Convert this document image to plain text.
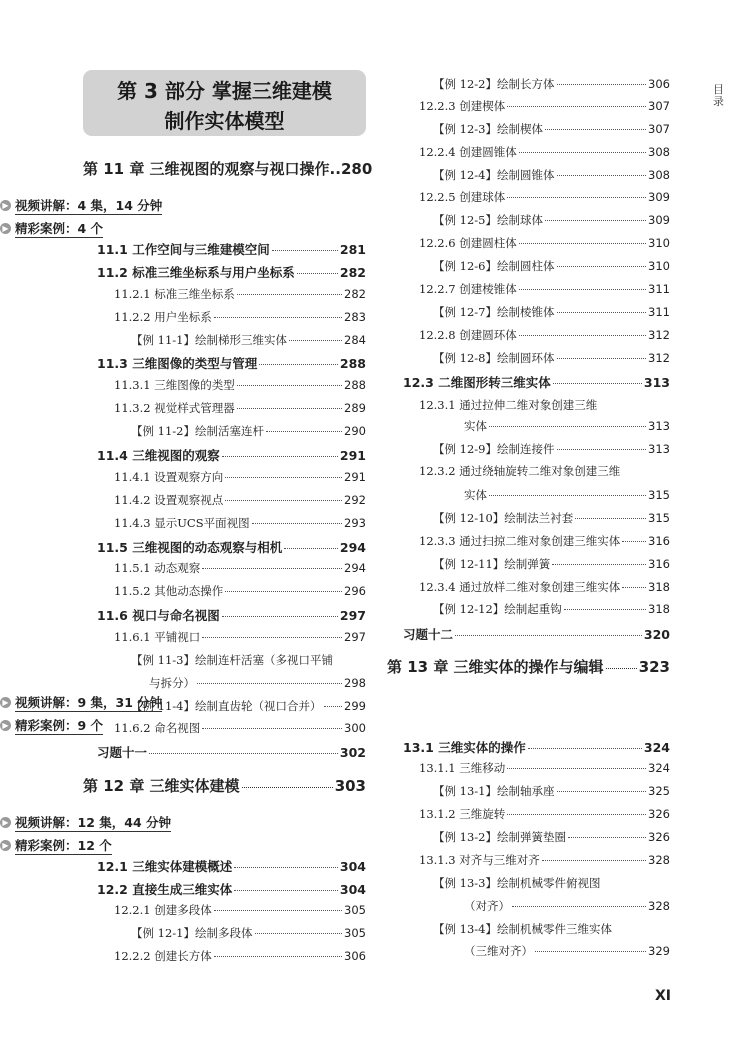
第 3 部分 掌握三维建模
制作实体模型
目录
第 11 章 三维视图的观察与视口操作 .. 280
▶ 视频讲解：4 集，14 分钟
▶ 精彩案例：4 个
11.1 工作空间与三维建模空间	281
11.2 标准三维坐标系与用户坐标系	282
11.2.1 标准三维坐标系	282
11.2.2 用户坐标系	283
【例 11-1】绘制梯形三维实体	284
11.3 三维图像的类型与管理	288
11.3.1 三维图像的类型	288
11.3.2 视觉样式管理器	289
【例 11-2】绘制活塞连杆	290
11.4 三维视图的观察	291
11.4.1 设置观察方向	291
11.4.2 设置观察视点	292
11.4.3 显示UCS平面视图	293
11.5 三维视图的动态观察与相机	294
11.5.1 动态观察	294
11.5.2 其他动态操作	296
11.6 视口与命名视图	297
11.6.1 平铺视口	297
【例 11-3】绘制连杆活塞（多视口平铺
与拆分）	298
【例 11-4】绘制直齿轮（视口合并） 299
11.6.2 命名视图	300
习题十一	302
第 12 章 三维实体建模	303
▶ 视频讲解：12 集，44 分钟
▶ 精彩案例：12 个
12.1 三维实体建模概述	304
12.2 直接生成三维实体	304
12.2.1 创建多段体	305
【例 12-1】绘制多段体	305
12.2.2 创建长方体	306
【例 12-2】绘制长方体	306
12.2.3 创建楔体	307
【例 12-3】绘制楔体	307
12.2.4 创建圆锥体	308
【例 12-4】绘制圆锥体	308
12.2.5 创建球体	309
【例 12-5】绘制球体	309
12.2.6 创建圆柱体	310
【例 12-6】绘制圆柱体	310
12.2.7 创建棱锥体	311
【例 12-7】绘制棱锥体	311
12.2.8 创建圆环体	312
【例 12-8】绘制圆环体	312
12.3 二维图形转三维实体	313
12.3.1 通过拉伸二维对象创建三维
实体	313
【例 12-9】绘制连接件	313
12.3.2 通过绕轴旋转二维对象创建三维
实体	315
【例 12-10】绘制法兰衬套	315
12.3.3 通过扫掠二维对象创建三维实体 316
【例 12-11】绘制弹簧	316
12.3.4 通过放样二维对象创建三维实体 318
【例 12-12】绘制起重钩	318
习题十二	320
第 13 章 三维实体的操作与编辑 323
▶ 视频讲解：9 集，31 分钟
▶ 精彩案例：9 个
13.1 三维实体的操作	324
13.1.1 三维移动	324
【例 13-1】绘制轴承座	325
13.1.2 三维旋转	326
【例 13-2】绘制弹簧垫圈	326
13.1.3 对齐与三维对齐	328
【例 13-3】绘制机械零件俯视图
（对齐）	328
【例 13-4】绘制机械零件三维实体
（三维对齐）	329
XI
